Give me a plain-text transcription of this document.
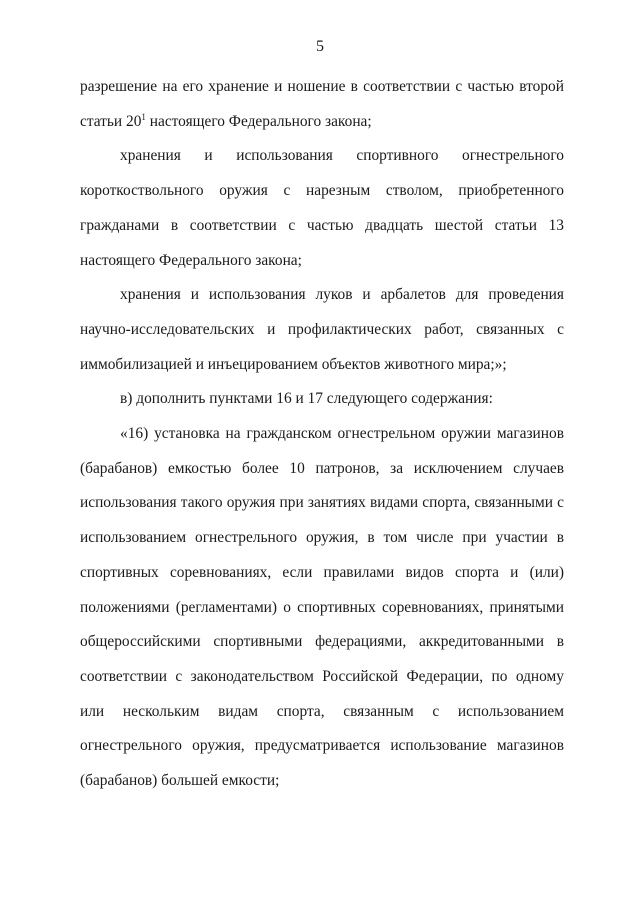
5

разрешение на его хранение и ношение в соответствии с частью второй статьи $20^1$ настоящего Федерального закона;

хранения и использования спортивного огнестрельного короткоствольного оружия с нарезным стволом, приобретенного гражданами в соответствии с частью двадцать шестой статьи 13 настоящего Федерального закона;

хранения и использования луков и арбалетов для проведения научно-исследовательских и профилактических работ, связанных с иммобилизацией и инъецированием объектов животного мира;»;

в) дополнить пунктами 16 и 17 следующего содержания:

«16) установка на гражданском огнестрельном оружии магазинов (барабанов) емкостью более 10 патронов, за исключением случаев использования такого оружия при занятиях видами спорта, связанными с использованием огнестрельного оружия, в том числе при участии в спортивных соревнованиях, если правилами видов спорта и (или) положениями (регламентами) о спортивных соревнованиях, принятыми общероссийскими спортивными федерациями, аккредитованными в соответствии с законодательством Российской Федерации, по одному или нескольким видам спорта, связанным с использованием огнестрельного оружия, предусматривается использование магазинов (барабанов) большей емкости;
